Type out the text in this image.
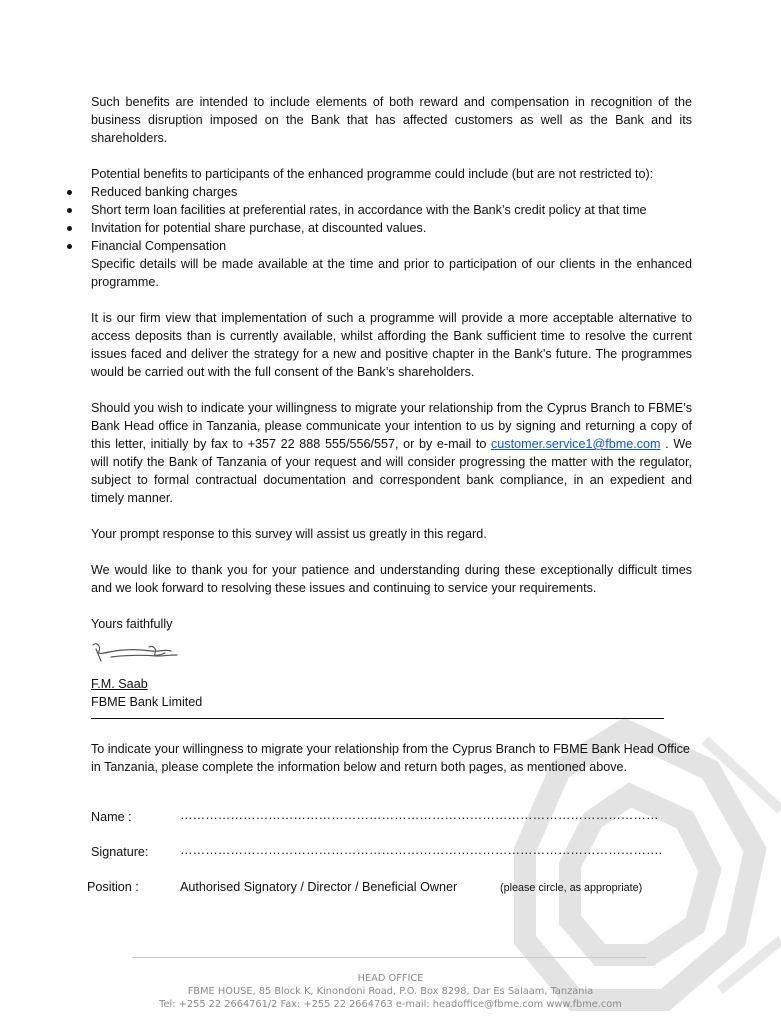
Such benefits are intended to include elements of both reward and compensation in recognition of the business disruption imposed on the Bank that has affected customers as well as the Bank and its shareholders.

Potential benefits to participants of the enhanced programme could include (but are not restricted to):

Reduced banking charges
Short term loan facilities at preferential rates, in accordance with the Bank’s credit policy at that time
Invitation for potential share purchase, at discounted values.
Financial Compensation

Specific details will be made available at the time and prior to participation of our clients in the enhanced programme.

It is our firm view that implementation of such a programme will provide a more acceptable alternative to access deposits than is currently available, whilst affording the Bank sufficient time to resolve the current issues faced and deliver the strategy for a new and positive chapter in the Bank’s future. The programmes would be carried out with the full consent of the Bank’s shareholders.

Should you wish to indicate your willingness to migrate your relationship from the Cyprus Branch to FBME’s Bank Head office in Tanzania, please communicate your intention to us by signing and returning a copy of this letter, initially by fax to +357 22 888 555/556/557, or by e-mail to customer.service1@fbme.com . We will notify the Bank of Tanzania of your request and will consider progressing the matter with the regulator, subject to formal contractual documentation and correspondent bank compliance, in an expedient and timely manner.

Your prompt response to this survey will assist us greatly in this regard.

We would like to thank you for your patience and understanding during these exceptionally difficult times and we look forward to resolving these issues and continuing to service your requirements.

Yours faithfully

F.M. Saab

FBME Bank Limited

To indicate your willingness to migrate your relationship from the Cyprus Branch to FBME Bank Head Office in Tanzania, please complete the information below and return both pages, as mentioned above.

Name :	……………………………………………………………………………………………………
Signature:	…………………………………………………………………………………………………….
Position :	Authorised Signatory / Director / Beneficial Owner	(please circle, as appropriate)
HEAD OFFICE
FBME HOUSE, 85 Block K, Kinondoni Road, P.O. Box 8298, Dar Es Salaam, Tanzania
Tel: +255 22 2664761/2 Fax: +255 22 2664763 e-mail: headoffice@fbme.com www.fbme.com
